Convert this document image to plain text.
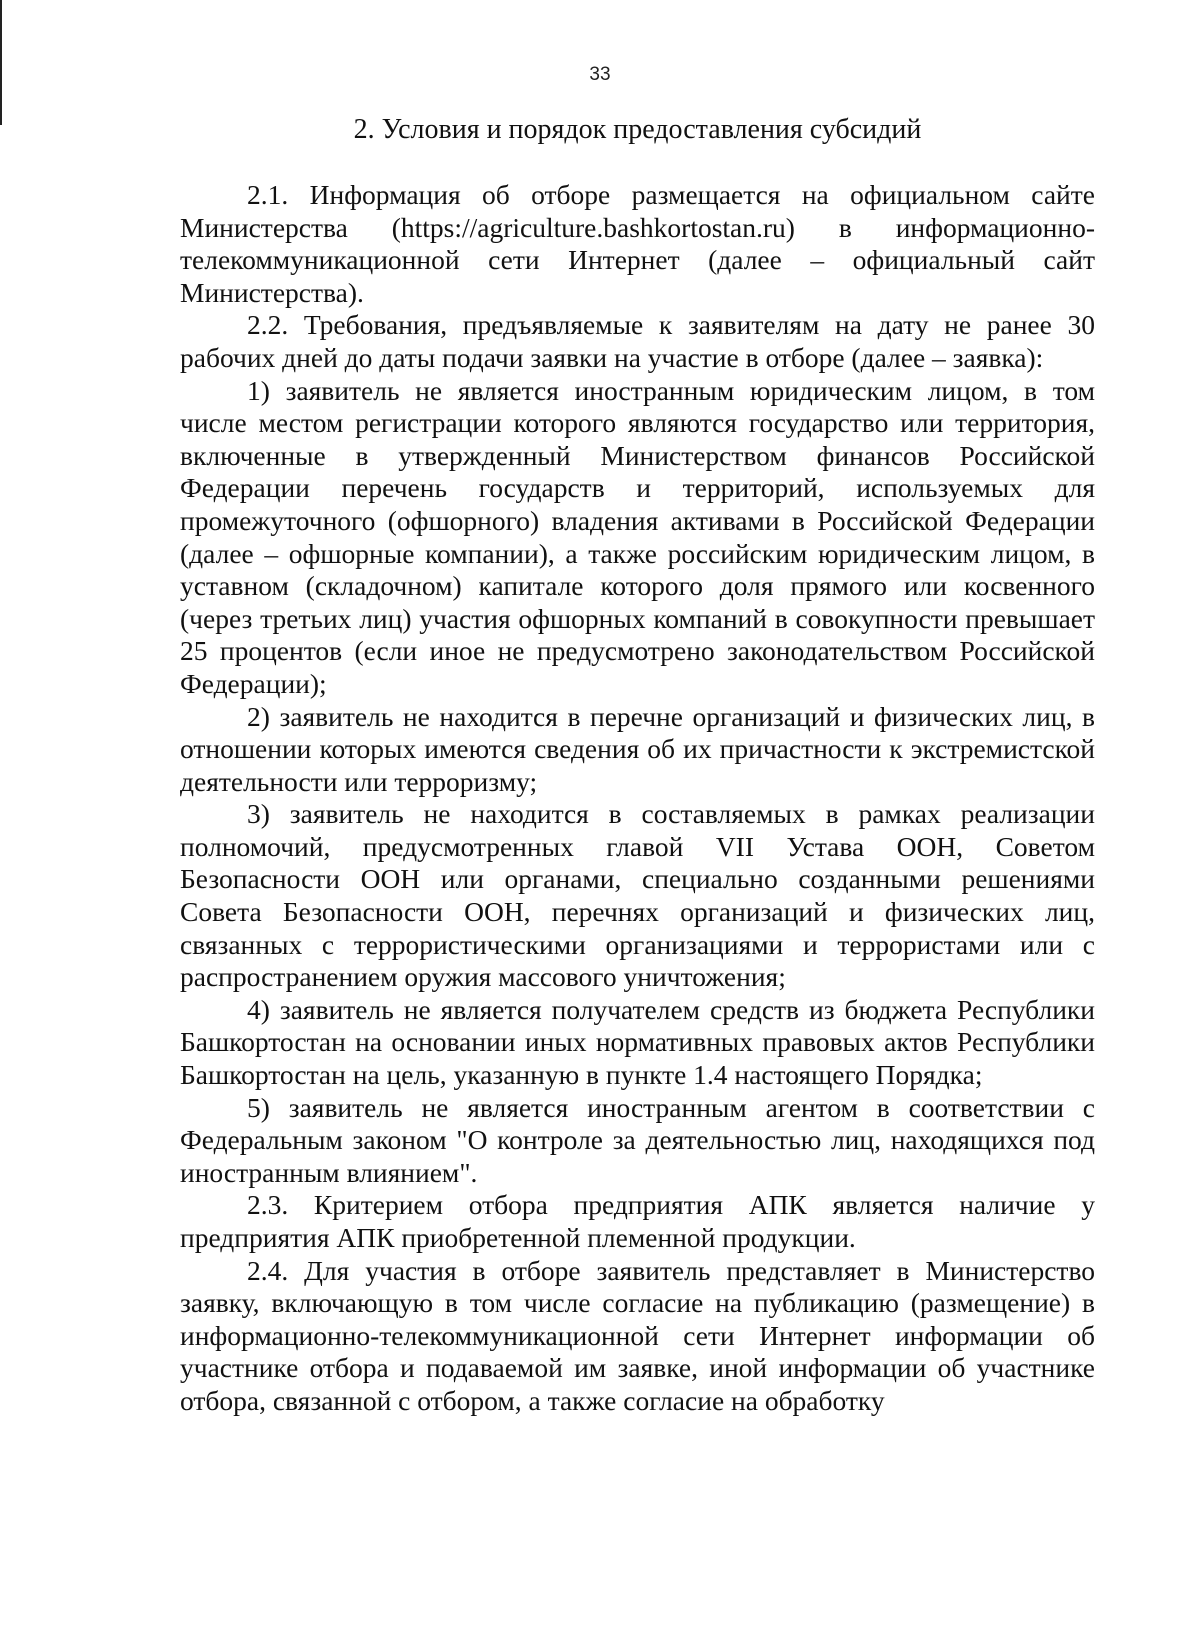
33
2. Условия и порядок предоставления субсидий

2.1. Информация об отборе размещается на официальном сайте Министерства (https://agriculture.bashkortostan.ru) в информационно-телекоммуникационной сети Интернет (далее – официальный сайт Министерства).

2.2. Требования, предъявляемые к заявителям на дату не ранее 30 рабочих дней до даты подачи заявки на участие в отборе (далее – заявка):

1) заявитель не является иностранным юридическим лицом, в том числе местом регистрации которого являются государство или территория, включенные в утвержденный Министерством финансов Российской Федерации перечень государств и территорий, используемых для промежуточного (офшорного) владения активами в Российской Федерации (далее – офшорные компании), а также российским юридическим лицом, в уставном (складочном) капитале которого доля прямого или косвенного (через третьих лиц) участия офшорных компаний в совокупности превышает 25 процентов (если иное не предусмотрено законодательством Российской Федерации);

2) заявитель не находится в перечне организаций и физических лиц, в отношении которых имеются сведения об их причастности к экстремистской деятельности или терроризму;

3) заявитель не находится в составляемых в рамках реализации полномочий, предусмотренных главой VII Устава ООН, Советом Безопасности ООН или органами, специально созданными решениями Совета Безопасности ООН, перечнях организаций и физических лиц, связанных с террористическими организациями и террористами или с распространением оружия массового уничтожения;

4) заявитель не является получателем средств из бюджета Республики Башкортостан на основании иных нормативных правовых актов Республики Башкортостан на цель, указанную в пункте 1.4 настоящего Порядка;

5) заявитель не является иностранным агентом в соответствии с Федеральным законом "О контроле за деятельностью лиц, находящихся под иностранным влиянием".

2.3. Критерием отбора предприятия АПК является наличие у предприятия АПК приобретенной племенной продукции.

2.4. Для участия в отборе заявитель представляет в Министерство заявку, включающую в том числе согласие на публикацию (размещение) в информационно-телекоммуникационной сети Интернет информации об участнике отбора и подаваемой им заявке, иной информации об участнике отбора, связанной с отбором, а также согласие на обработку
